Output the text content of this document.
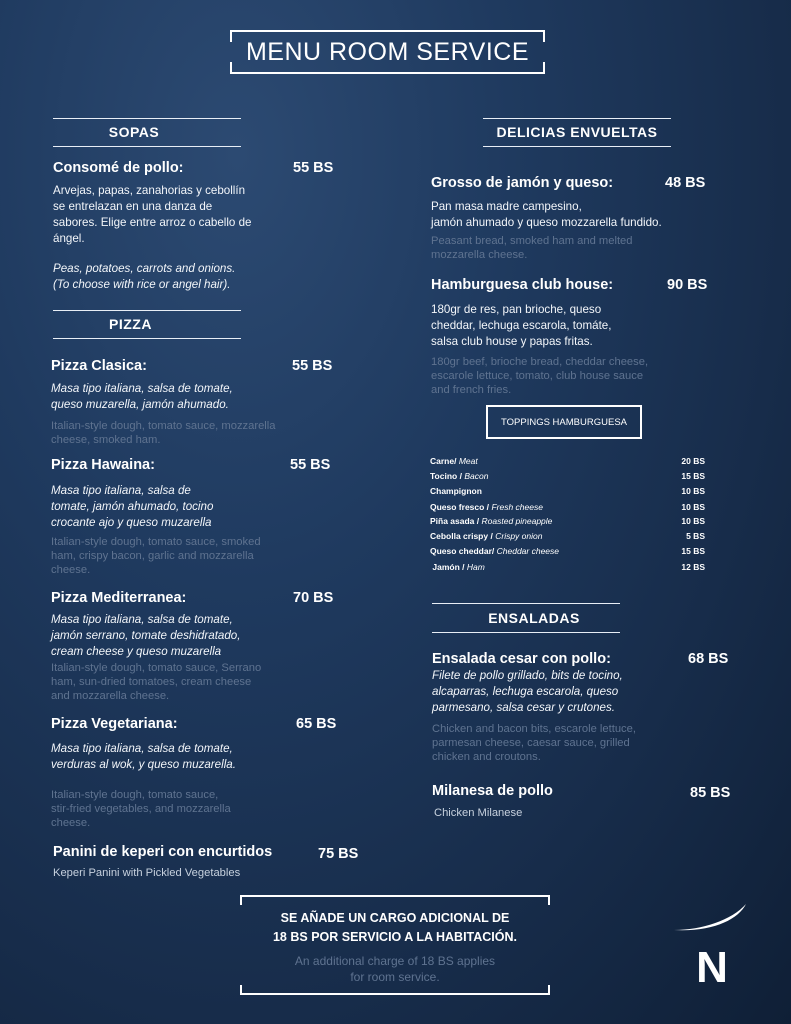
MENU ROOM SERVICE
SOPAS
Consomé de pollo:	55 BS
Arvejas, papas, zanahorias y cebollín
se entrelazan en una danza de
sabores. Elige entre arroz o cabello de
ángel.
Peas, potatoes, carrots and onions.
(To choose with rice or angel hair).
PIZZA
Pizza Clasica:	55 BS
Masa tipo italiana, salsa de tomate,
queso muzarella, jamón ahumado.
Italian-style dough, tomato sauce, mozzarella
cheese, smoked ham.
Pizza Hawaina:	55 BS
Masa tipo italiana, salsa de
tomate, jamón ahumado, tocino
crocante ajo y queso muzarella
Italian-style dough, tomato sauce, smoked
ham, crispy bacon, garlic and mozzarella
cheese.
Pizza Mediterranea:	70 BS
Masa tipo italiana, salsa de tomate,
jamón serrano, tomate deshidratado,
cream cheese y queso muzarella
Italian-style dough, tomato sauce, Serrano
ham, sun-dried tomatoes, cream cheese
and mozzarella cheese.
Pizza Vegetariana:	65 BS
Masa tipo italiana, salsa de tomate,
verduras al wok, y queso muzarella.
Italian-style dough, tomato sauce,
stir-fried vegetables, and mozzarella
cheese.
Panini de keperi con encurtidos	75 BS
Keperi Panini with Pickled Vegetables
DELICIAS ENVUELTAS
Grosso de jamón y queso:	48 BS
Pan masa madre campesino,
jamón ahumado y queso mozzarella fundido.
Peasant bread, smoked ham and melted
mozzarella cheese.
Hamburguesa club house:	90 BS
180gr de res, pan brioche, queso
cheddar, lechuga escarola, tomáte,
salsa club house y papas fritas.
180gr beef, brioche bread, cheddar cheese,
escarole lettuce, tomato, club house sauce
and french fries.
TOPPINGS HAMBURGUESA
Carne/ Meat	20 BS
Tocino / Bacon	15 BS
Champignon	10 BS
Queso fresco / Fresh cheese	10 BS
Piña asada / Roasted pineapple	10 BS
Cebolla crispy / Crispy onion	5 BS
Queso cheddar/ Cheddar cheese	15 BS
Jamón / Ham	12 BS
ENSALADAS
Ensalada cesar con pollo:	68 BS
Filete de pollo grillado, bits de tocino,
alcaparras, lechuga escarola, queso
parmesano, salsa cesar y crutones.
Chicken and bacon bits, escarole lettuce,
parmesan cheese, caesar sauce, grilled
chicken and croutons.
Milanesa de pollo	85 BS
Chicken Milanese
SE AÑADE UN CARGO ADICIONAL DE
18 BS POR SERVICIO A LA HABITACIÓN.
An additional charge of 18 BS applies
for room service.	N
